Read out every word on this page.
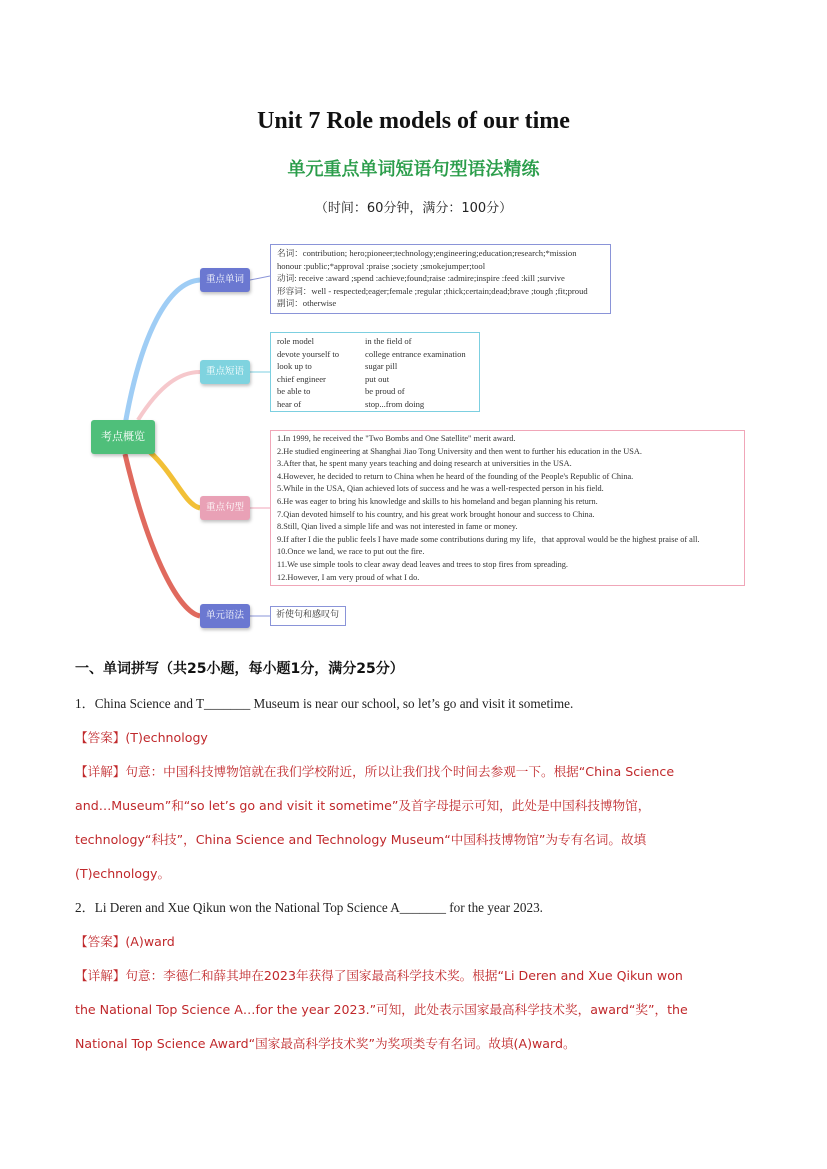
Unit 7 Role models of our time
单元重点单词短语句型语法精练
（时间：60分钟，满分：100分）
考点概览
重点单词
重点短语
重点句型
单元语法
名词：contribution; hero;pioneer;technology;engineering;education;research;*mission
honour :public;*approval :praise ;society ;smokejumper;tool
动词: receive :award ;spend :achieve;found;raise :admire;inspire :feed :kill ;survive
形容词：well - respected;eager;female ;regular ;thick;certain;dead;brave ;tough ;fit;proud
副词：otherwise
role model	in the field of
devote yourself to	college entrance examination
look up to	sugar pill
chief engineer	put out
be able to	be proud of
hear of	stop...from doing
1.In 1999, he received the "Two Bombs and One Satellite" merit award.
2.He studied engineering at Shanghai Jiao Tong University and then went to further his education in the USA.
3.After that, he spent many years teaching and doing research at universities in the USA.
4.However, he decided to return to China when he heard of the founding of the People's Republic of China.
5.While in the USA, Qian achieved lots of success and he was a well-respected person in his field.
6.He was eager to bring his knowledge and skills to his homeland and began planning his return.
7.Qian devoted himself to his country, and his great work brought honour and success to China.
8.Still, Qian lived a simple life and was not interested in fame or money.
9.If after I die the public feels I have made some contributions during my life，that approval would be the highest praise of all.
10.Once we land, we race to put out the fire.
11.We use simple tools to clear away dead leaves and trees to stop fires from spreading.
12.However, I am very proud of what I do.
祈使句和感叹句
一、单词拼写（共25小题，每小题1分，满分25分）
1．China Science and T_______ Museum is near our school, so let’s go and visit it sometime.
【答案】(T)echnology
【详解】句意：中国科技博物馆就在我们学校附近，所以让我们找个时间去参观一下。根据“China Science
and…Museum”和“so let’s go and visit it sometime”及首字母提示可知，此处是中国科技博物馆，
technology“科技”，China Science and Technology Museum“中国科技博物馆”为专有名词。故填
(T)echnology。
2．Li Deren and Xue Qikun won the National Top Science A_______ for the year 2023.
【答案】(A)ward
【详解】句意：李德仁和薛其坤在2023年获得了国家最高科学技术奖。根据“Li Deren and Xue Qikun won
the National Top Science A…for the year 2023.”可知，此处表示国家最高科学技术奖，award“奖”，the
National Top Science Award“国家最高科学技术奖”为奖项类专有名词。故填(A)ward。
